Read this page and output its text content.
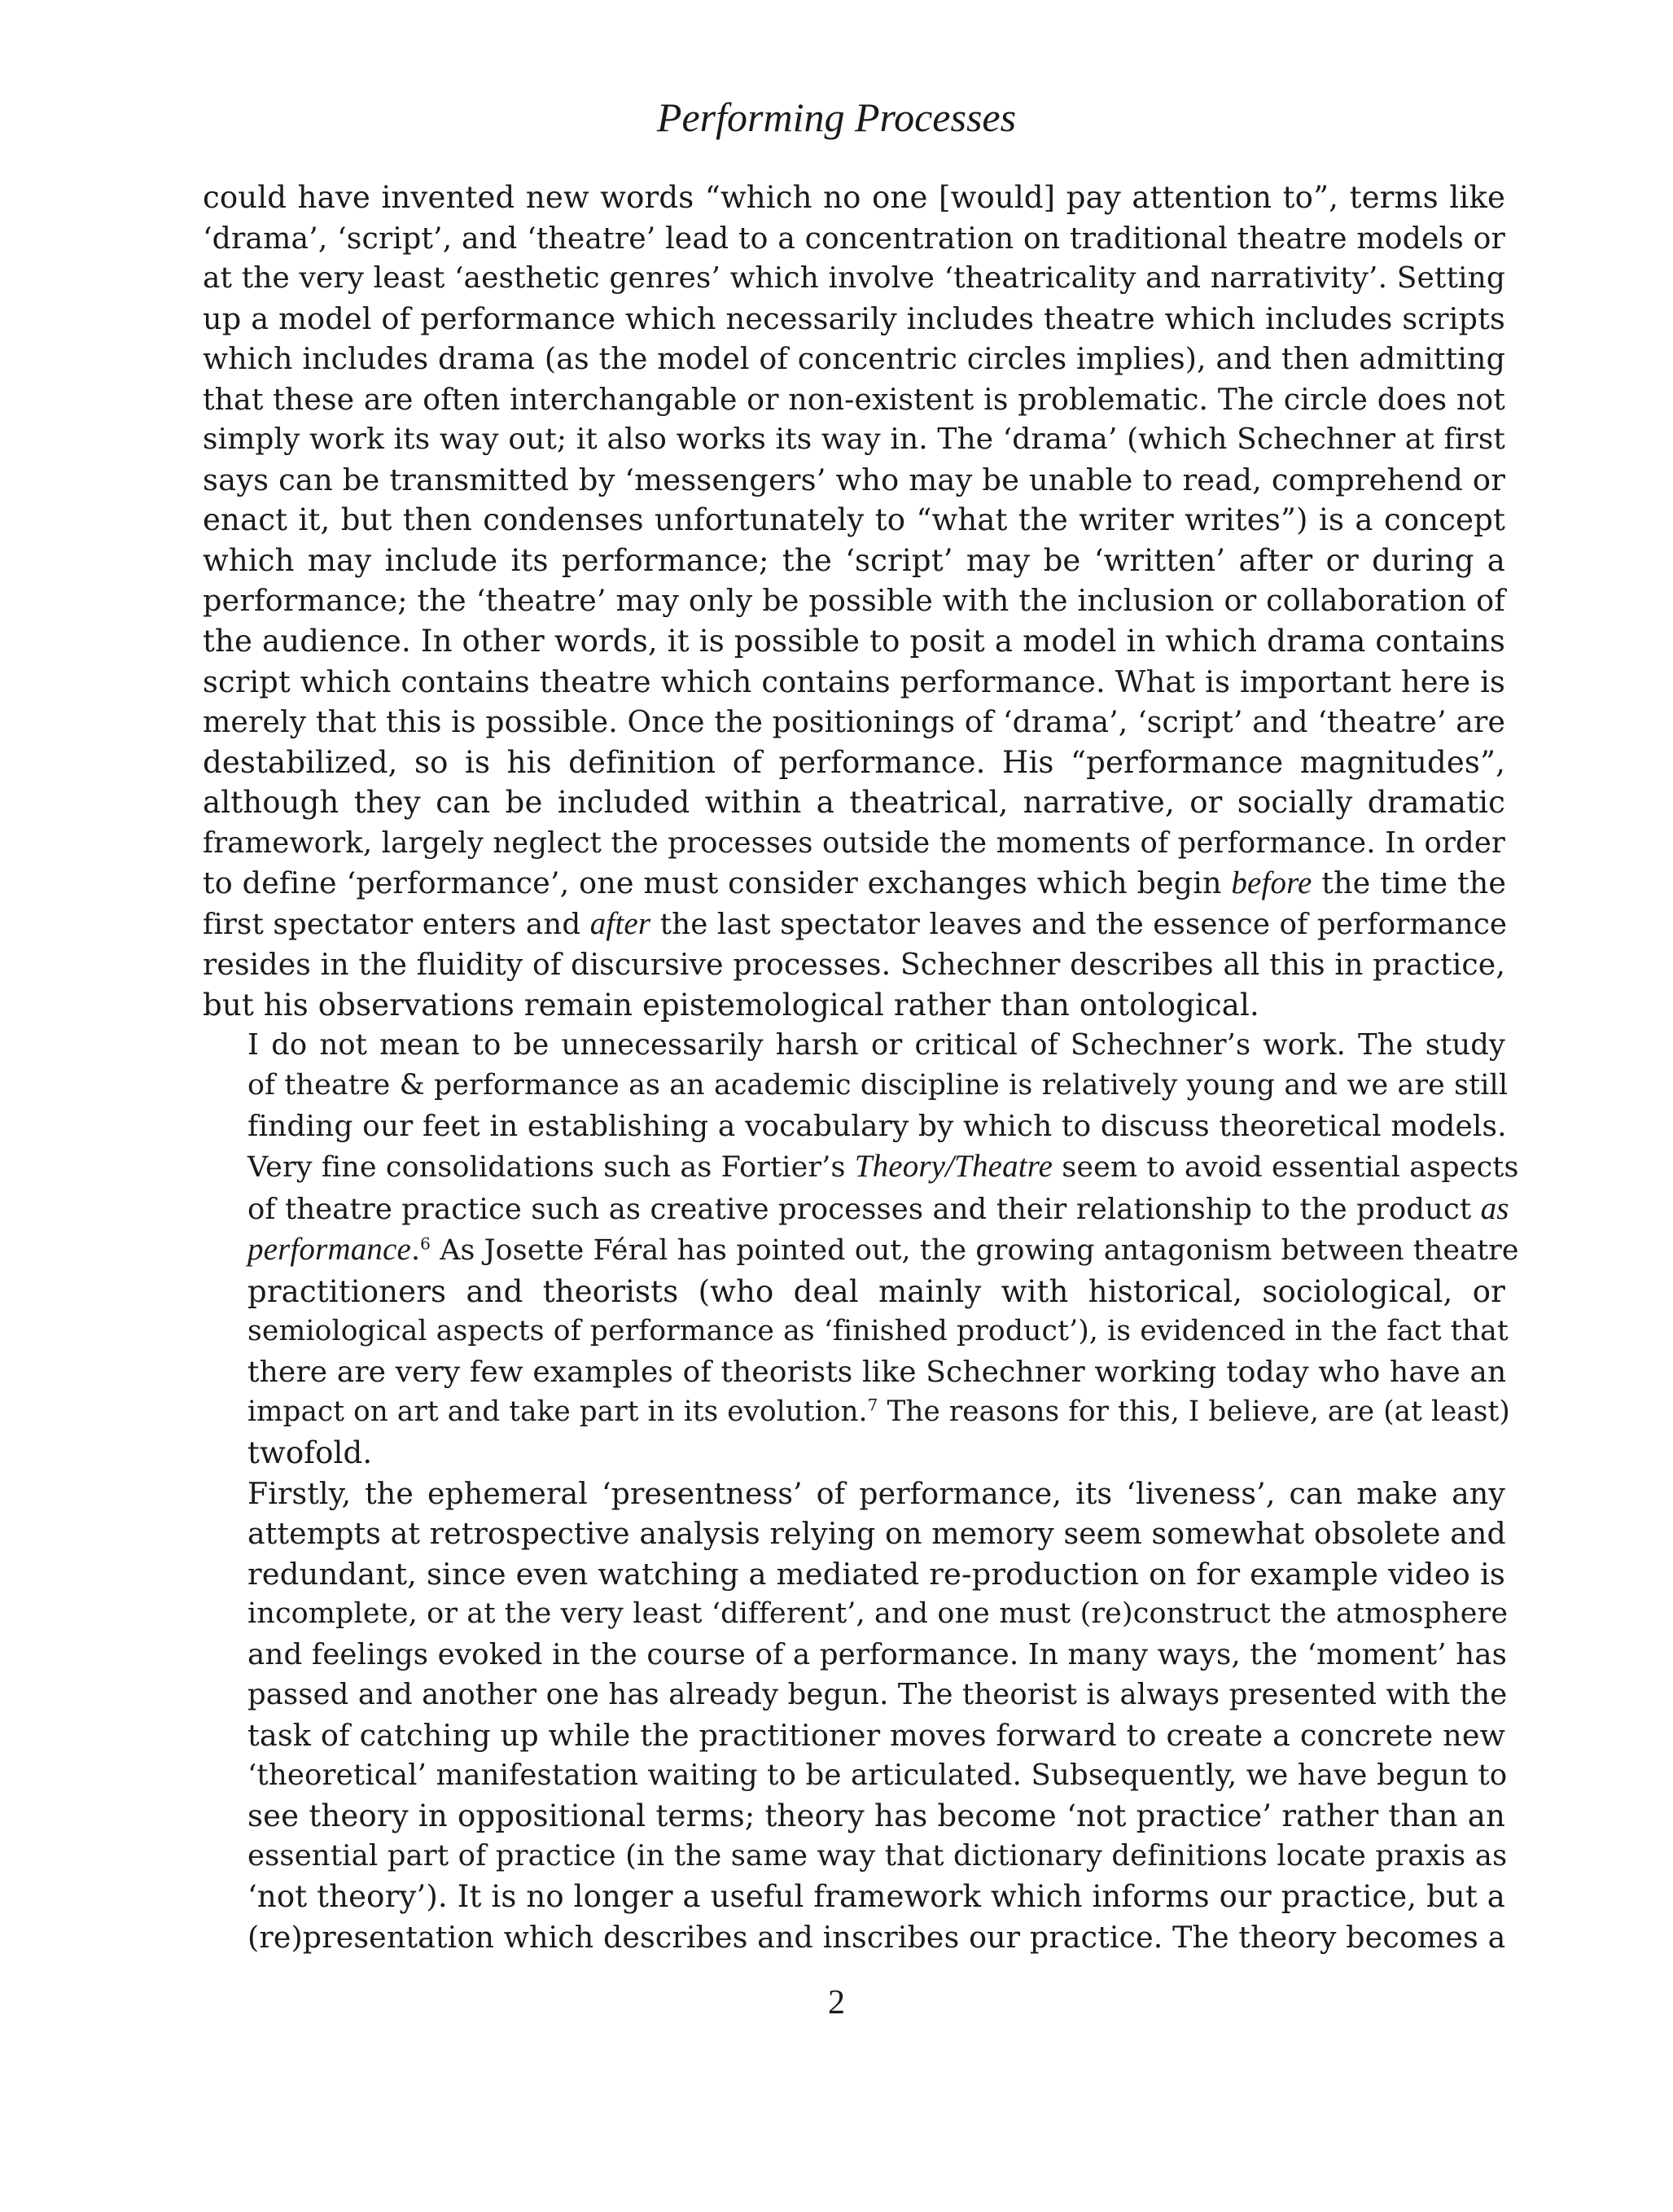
Performing Processes

could have invented new words “which no one [would] pay attention to”, terms like
‘drama’, ‘script’, and ‘theatre’ lead to a concentration on traditional theatre models or
at the very least ‘aesthetic genres’ which involve ‘theatricality and narrativity’. Setting
up a model of performance which necessarily includes theatre which includes scripts
which includes drama (as the model of concentric circles implies), and then admitting
that these are often interchangable or non-existent is problematic. The circle does not
simply work its way out; it also works its way in. The ‘drama’ (which Schechner at first
says can be transmitted by ‘messengers’ who may be unable to read, comprehend or
enact it, but then condenses unfortunately to “what the writer writes”) is a concept
which may include its performance; the ‘script’ may be ‘written’ after or during a
performance; the ‘theatre’ may only be possible with the inclusion or collaboration of
the audience. In other words, it is possible to posit a model in which drama contains
script which contains theatre which contains performance. What is important here is
merely that this is possible. Once the positionings of ‘drama’, ‘script’ and ‘theatre’ are
destabilized, so is his definition of performance. His “performance magnitudes”,
although they can be included within a theatrical, narrative, or socially dramatic
framework, largely neglect the processes outside the moments of performance. In order
to define ‘performance’, one must consider exchanges which begin before the time the
first spectator enters and after the last spectator leaves and the essence of performance
resides in the fluidity of discursive processes. Schechner describes all this in practice,
but his observations remain epistemological rather than ontological.

I do not mean to be unnecessarily harsh or critical of Schechner’s work. The study
of theatre & performance as an academic discipline is relatively young and we are still
finding our feet in establishing a vocabulary by which to discuss theoretical models.
Very fine consolidations such as Fortier’s Theory/Theatre seem to avoid essential aspects
of theatre practice such as creative processes and their relationship to the product as
performance.$^6$ As Josette Féral has pointed out, the growing antagonism between theatre
practitioners and theorists (who deal mainly with historical, sociological, or
semiological aspects of performance as ‘finished product’), is evidenced in the fact that
there are very few examples of theorists like Schechner working today who have an
impact on art and take part in its evolution.$^7$ The reasons for this, I believe, are (at least)
twofold.

Firstly, the ephemeral ‘presentness’ of performance, its ‘liveness’, can make any
attempts at retrospective analysis relying on memory seem somewhat obsolete and
redundant, since even watching a mediated re-production on for example video is
incomplete, or at the very least ‘different’, and one must (re)construct the atmosphere
and feelings evoked in the course of a performance. In many ways, the ‘moment’ has
passed and another one has already begun. The theorist is always presented with the
task of catching up while the practitioner moves forward to create a concrete new
‘theoretical’ manifestation waiting to be articulated. Subsequently, we have begun to
see theory in oppositional terms; theory has become ‘not practice’ rather than an
essential part of practice (in the same way that dictionary definitions locate praxis as
‘not theory’). It is no longer a useful framework which informs our practice, but a
(re)presentation which describes and inscribes our practice. The theory becomes a

2
